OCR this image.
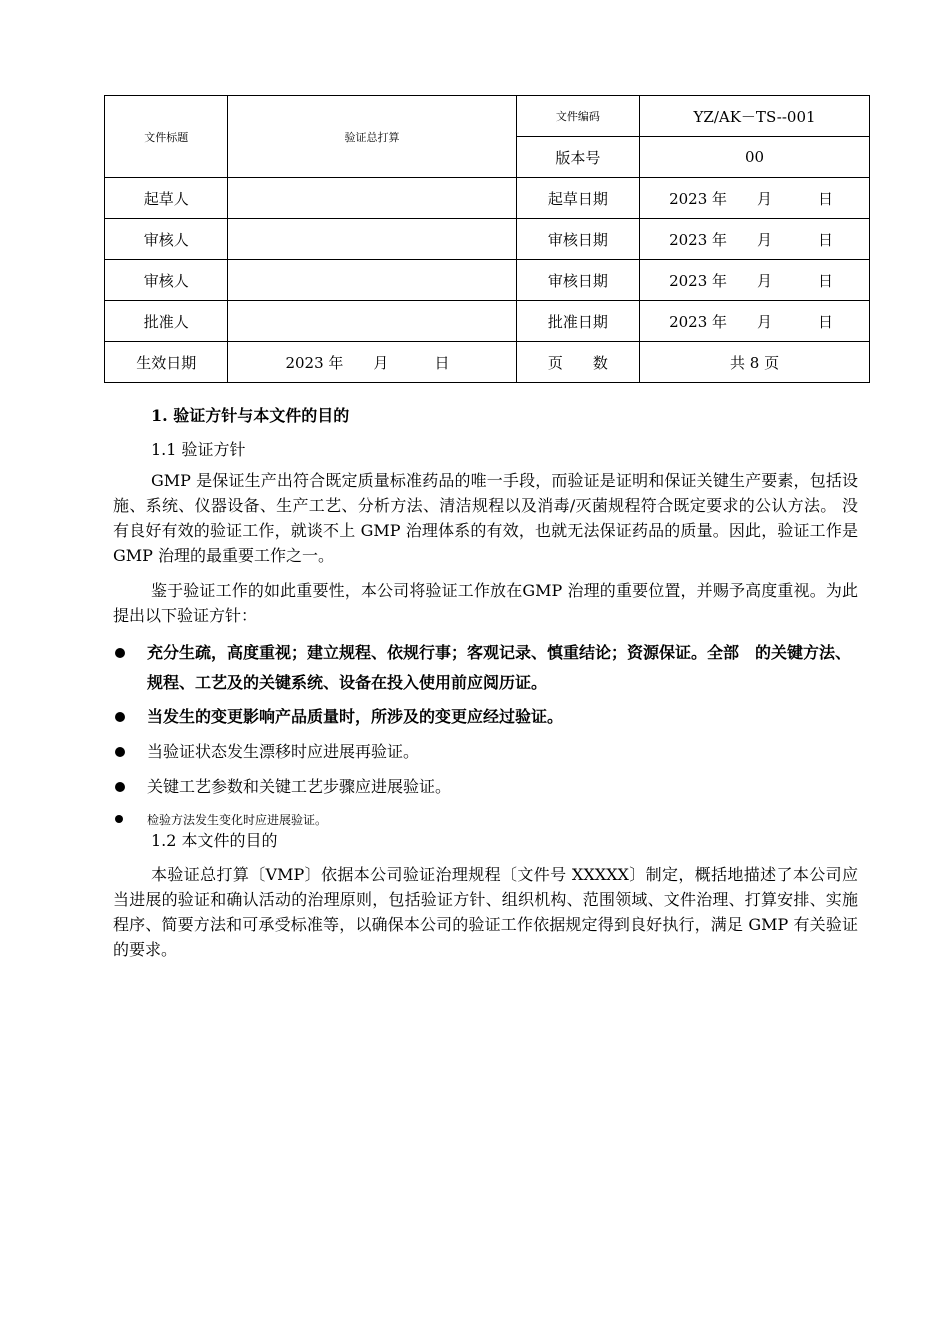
文件标题	验证总打算	文件编码	YZ/AK－TS--001
		版本号	00
起草人		起草日期	2023 年 月 日
审核人		审核日期	2023 年 月 日
审核人		审核日期	2023 年 月 日
批准人		批准日期	2023 年 月 日
生效日期	2023 年 月 日	页　　数	共 8 页
1. 验证方针与本文件的目的
1.1 验证方针

GMP 是保证生产出符合既定质量标准药品的唯一手段，而验证是证明和保证关键生产要素，包括设施、系统、仪器设备、生产工艺、分析方法、清洁规程以及消毒/灭菌规程符合既定要求的公认方法。 没有良好有效的验证工作，就谈不上 GMP 治理体系的有效，也就无法保证药品的质量。因此，验证工作是 GMP 治理的最重要工作之一。

鉴于验证工作的如此重要性，本公司将验证工作放在GMP 治理的重要位置，并赐予高度重视。为此提出以下验证方针：

充分生疏，高度重视；建立规程、依规行事；客观记录、慎重结论；资源保证。全部　的关键方法、规程、工艺及的关键系统、设备在投入使用前应阅历证。
当发生的变更影响产品质量时，所涉及的变更应经过验证。
当验证状态发生漂移时应进展再验证。
关键工艺参数和关键工艺步骤应进展验证。
检验方法发生变化时应进展验证。
1.2 本文件的目的

本验证总打算〔VMP〕依据本公司验证治理规程〔文件号 XXXXX〕制定，概括地描述了本公司应当进展的验证和确认活动的治理原则，包括验证方针、组织机构、范围领域、文件治理、打算安排、实施程序、简要方法和可承受标准等，以确保本公司的验证工作依据规定得到良好执行，满足 GMP 有关验证的要求。
